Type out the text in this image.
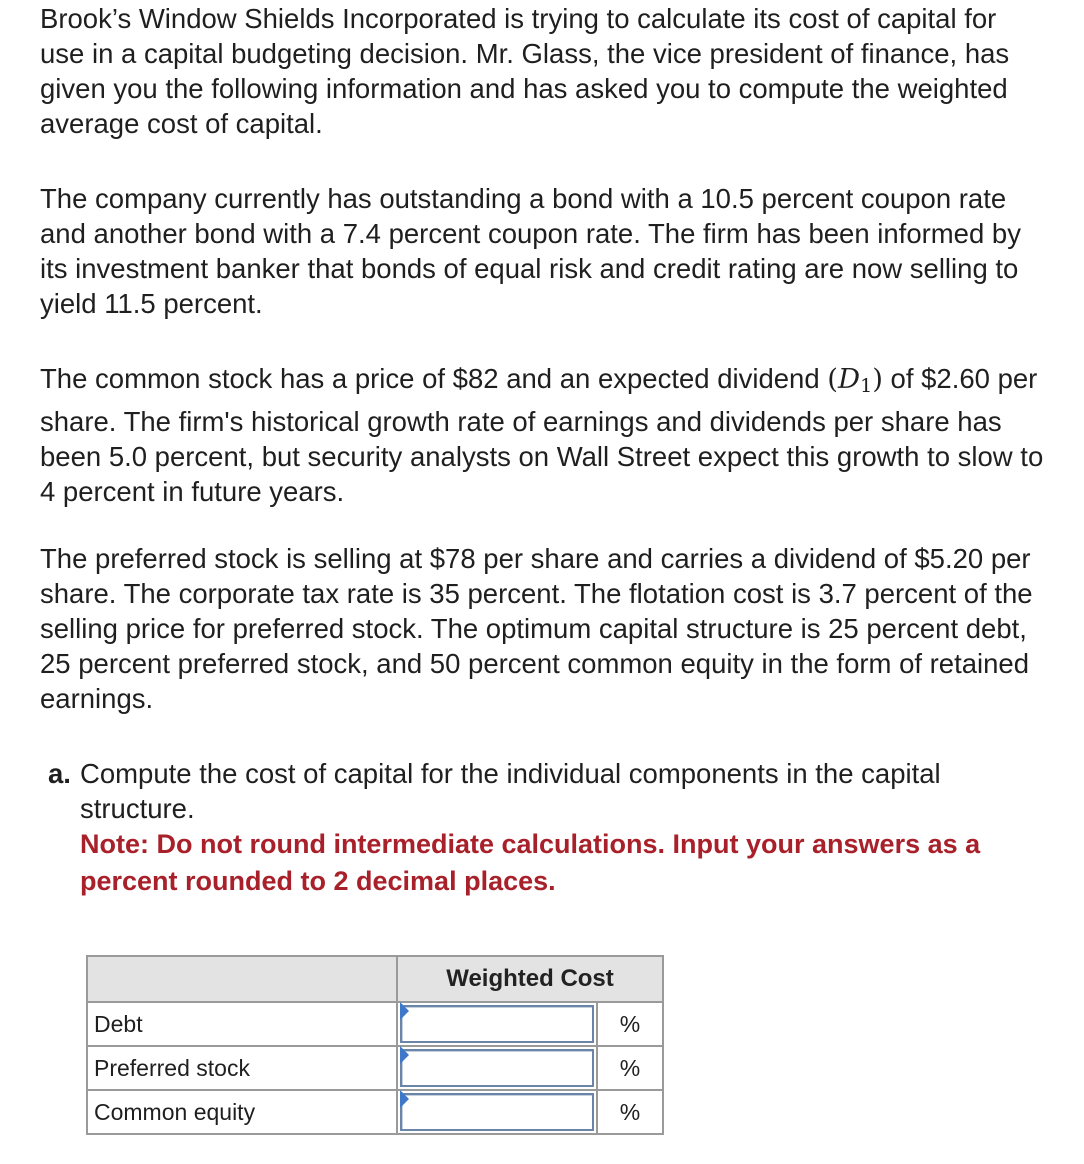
Brook’s Window Shields Incorporated is trying to calculate its cost of capital for use in a capital budgeting decision. Mr. Glass, the vice president of finance, has given you the following information and has asked you to compute the weighted average cost of capital.

The company currently has outstanding a bond with a 10.5 percent coupon rate and another bond with a 7.4 percent coupon rate. The firm has been informed by its investment banker that bonds of equal risk and credit rating are now selling to yield 11.5 percent.

The common stock has a price of $82 and an expected dividend (D1) of $2.60 per share. The firm's historical growth rate of earnings and dividends per share has been 5.0 percent, but security analysts on Wall Street expect this growth to slow to 4 percent in future years.

The preferred stock is selling at $78 per share and carries a dividend of $5.20 per share. The corporate tax rate is 35 percent. The flotation cost is 3.7 percent of the selling price for preferred stock. The optimum capital structure is 25 percent debt, 25 percent preferred stock, and 50 percent common equity in the form of retained earnings.

a. Compute the cost of capital for the individual components in the capital structure.
Note: Do not round intermediate calculations. Input your answers as a percent rounded to 2 decimal places.
	Weighted Cost	
Debt		%
Preferred stock		%
Common equity		%
